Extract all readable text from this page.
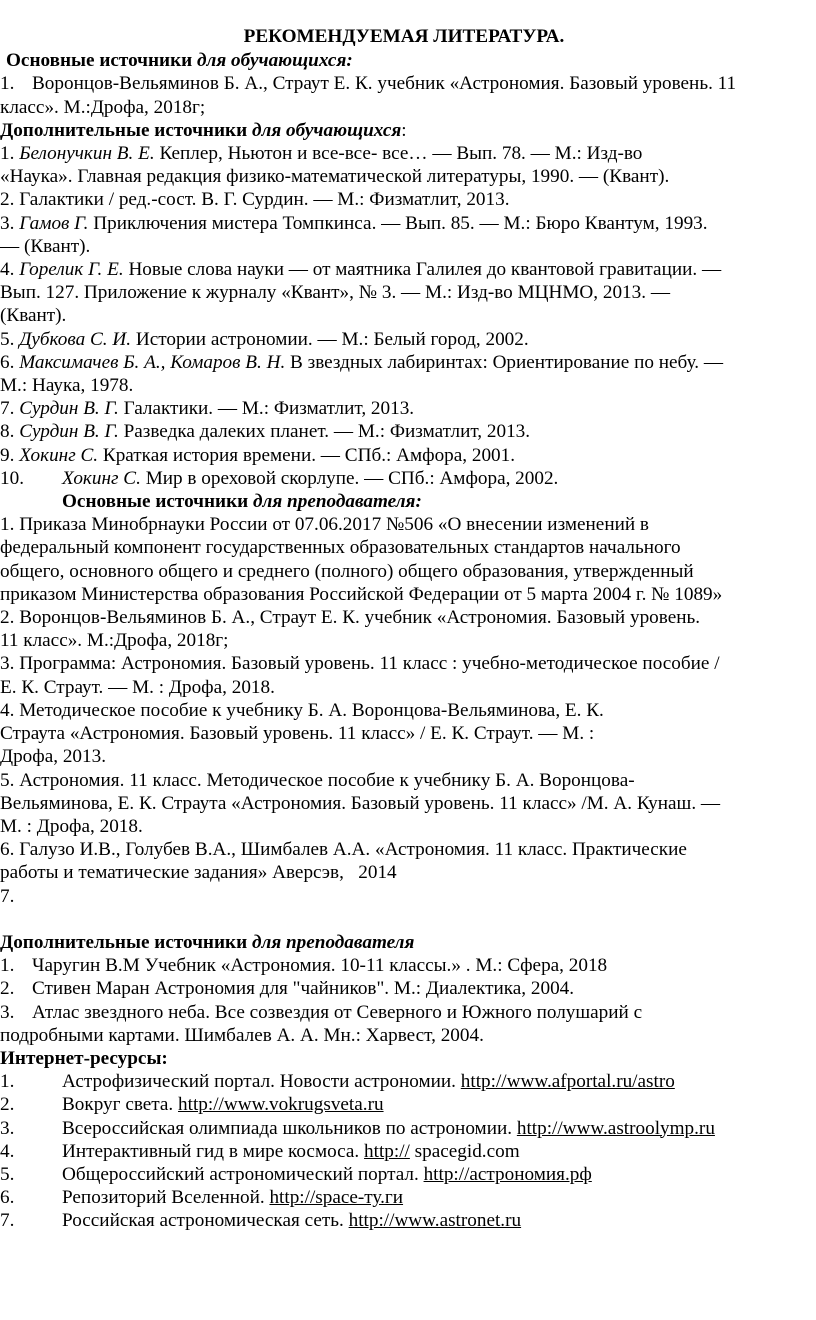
РЕКОМЕНДУЕМАЯ ЛИТЕРАТУРА.
Основные источники для обучающихся:
1. Воронцов-Вельяминов Б. А., Страут Е. К. учебник «Астрономия. Базовый уровень. 11
класс». М.:Дрофа, 2018г;
Дополнительные источники для обучающихся:
1. Белонучкин В. Е. Кеплер, Ньютон и все-все- все… — Вып. 78. — М.: Изд-во
«Наука». Главная редакция физико-математической литературы, 1990. — (Квант).
2. Галактики / ред.-сост. В. Г. Сурдин. — М.: Физматлит, 2013.
3. Гамов Г. Приключения мистера Томпкинса. — Вып. 85. — М.: Бюро Квантум, 1993.
— (Квант).
4. Горелик Г. Е. Новые слова науки — от маятника Галилея до квантовой гравитации. —
Вып. 127. Приложение к журналу «Квант», № 3. — М.: Изд-во МЦНМО, 2013. —
(Квант).
5. Дубкова С. И. Истории астрономии. — М.: Белый город, 2002.
6. Максимачев Б. А., Комаров В. Н. В звездных лабиринтах: Ориентирование по небу. —
М.: Наука, 1978.
7. Сурдин В. Г. Галактики. — М.: Физматлит, 2013.
8. Сурдин В. Г. Разведка далеких планет. — М.: Физматлит, 2013.
9. Хокинг С. Краткая история времени. — СПб.: Амфора, 2001.
10. Хокинг С. Мир в ореховой скорлупе. — СПб.: Амфора, 2002.
Основные источники для преподавателя:
1. Приказа Минобрнауки России от 07.06.2017 №506 «О внесении изменений в
федеральный компонент государственных образовательных стандартов начального
общего, основного общего и среднего (полного) общего образования, утвержденный
приказом Министерства образования Российской Федерации от 5 марта 2004 г. № 1089»
2. Воронцов-Вельяминов Б. А., Страут Е. К. учебник «Астрономия. Базовый уровень.
11 класс». М.:Дрофа, 2018г;
3. Программа: Астрономия. Базовый уровень. 11 класс : учебно-методическое пособие /
Е. К. Страут. — М. : Дрофа, 2018.
4. Методическое пособие к учебнику Б. А. Воронцова-Вельяминова, Е. К.
Страута «Астрономия. Базовый уровень. 11 класс» / Е. К. Страут. — М. :
Дрофа, 2013.
5. Астрономия. 11 класс. Методическое пособие к учебнику Б. А. Воронцова-
Вельяминова, Е. К. Страута «Астрономия. Базовый уровень. 11 класс» /М. А. Кунаш. —
М. : Дрофа, 2018.
6. Галузо И.В., Голубев В.А., Шимбалев А.А. «Астрономия. 11 класс. Практические
работы и тематические задания» Аверсэв,   2014
7.
Дополнительные источники для преподавателя
1. Чаругин В.М Учебник «Астрономия. 10-11 классы.» . М.: Сфера, 2018
2. Стивен Маран Астрономия для "чайников". М.: Диалектика, 2004.
3. Атлас звездного неба. Все созвездия от Северного и Южного полушарий с
подробными картами. Шимбалев А. А. Мн.: Харвест, 2004.
Интернет-ресурсы:
1. Астрофизический портал. Новости астрономии. http://www.afportal.ru/astro
2. Вокруг света. http://www.vokrugsveta.ru
3. Всероссийская олимпиада школьников по астрономии. http://www.astroolymp.ru
4. Интерактивный гид в мире космоса. http:// spacegid.com
5. Общероссийский астрономический портал. http://астрономия.рф
6. Репозиторий Вселенной. http://space-ту.ги
7. Российская астрономическая сеть. http://www.astronet.ru
